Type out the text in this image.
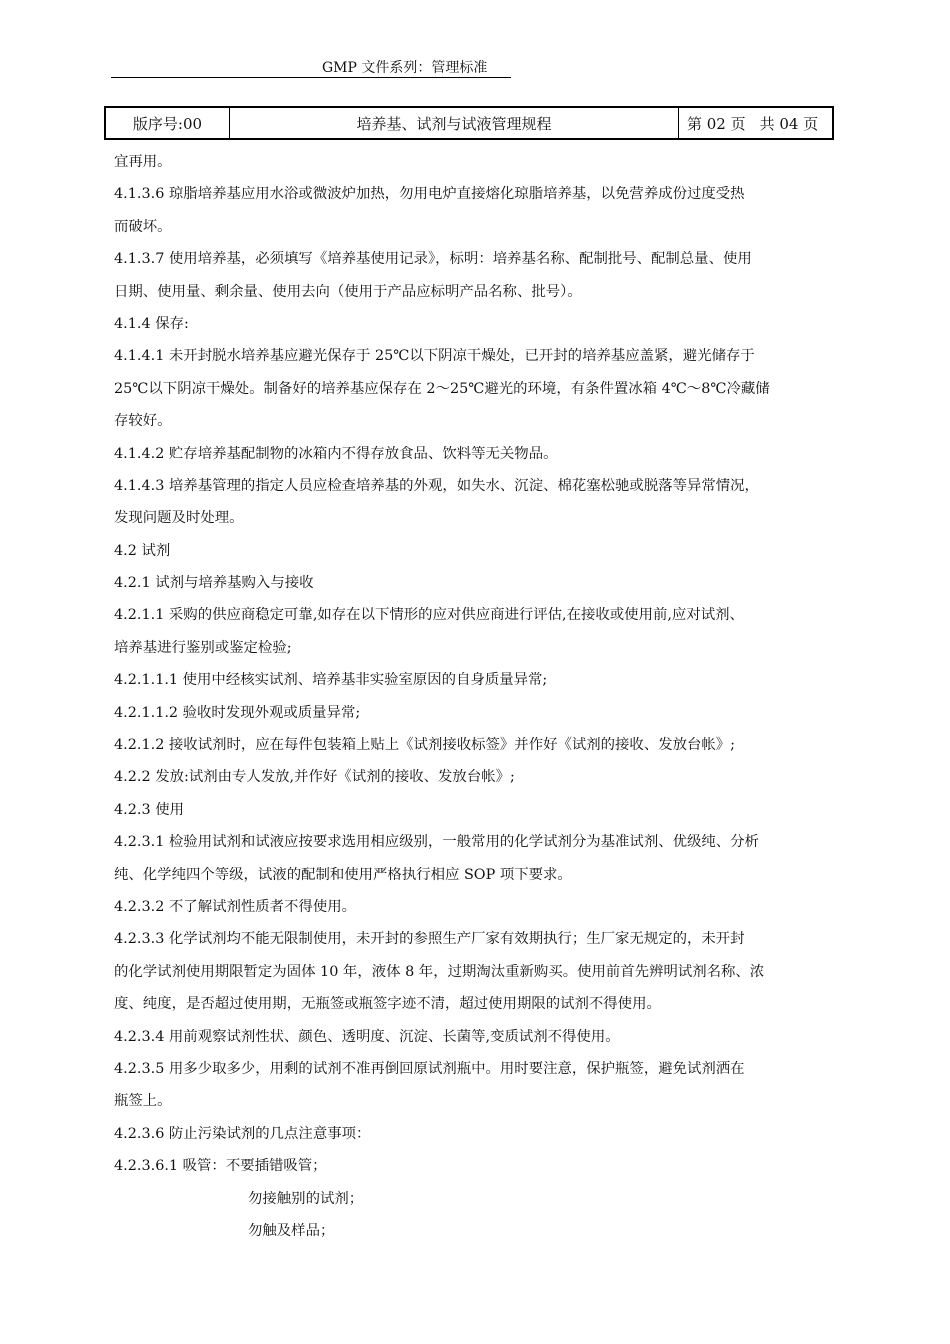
GMP 文件系列：管理标准
版序号:00	培养基、试剂与试液管理规程	第 02 页 共 04 页
宜再用。
4.1.3.6 琼脂培养基应用水浴或微波炉加热，勿用电炉直接熔化琼脂培养基，以免营养成份过度受热
而破坏。
4.1.3.7 使用培养基，必须填写《培养基使用记录》，标明：培养基名称、配制批号、配制总量、使用
日期、使用量、剩余量、使用去向（使用于产品应标明产品名称、批号）。
4.1.4 保存:
4.1.4.1 未开封脱水培养基应避光保存于 25℃以下阴凉干燥处，已开封的培养基应盖紧，避光储存于
25℃以下阴凉干燥处。制备好的培养基应保存在 2～25℃避光的环境，有条件置冰箱 4℃～8℃冷藏储
存较好。
4.1.4.2 贮存培养基配制物的冰箱内不得存放食品、饮料等无关物品。
4.1.4.3 培养基管理的指定人员应检查培养基的外观，如失水、沉淀、棉花塞松驰或脱落等异常情况，
发现问题及时处理。
4.2 试剂
4.2.1 试剂与培养基购入与接收
4.2.1.1 采购的供应商稳定可靠,如存在以下情形的应对供应商进行评估,在接收或使用前,应对试剂、
培养基进行鉴别或鉴定检验;
4.2.1.1.1 使用中经核实试剂、培养基非实验室原因的自身质量异常;
4.2.1.1.2 验收时发现外观或质量异常;
4.2.1.2 接收试剂时，应在每件包装箱上贴上《试剂接收标签》并作好《试剂的接收、发放台帐》;
4.2.2 发放:试剂由专人发放,并作好《试剂的接收、发放台帐》;
4.2.3 使用
4.2.3.1 检验用试剂和试液应按要求选用相应级别，一般常用的化学试剂分为基准试剂、优级纯、分析
纯、化学纯四个等级，试液的配制和使用严格执行相应 SOP 项下要求。
4.2.3.2 不了解试剂性质者不得使用。
4.2.3.3 化学试剂均不能无限制使用，未开封的参照生产厂家有效期执行；生厂家无规定的，未开封
的化学试剂使用期限暂定为固体 10 年，液体 8 年，过期淘汰重新购买。使用前首先辨明试剂名称、浓
度、纯度，是否超过使用期，无瓶签或瓶签字迹不清，超过使用期限的试剂不得使用。
4.2.3.4 用前观察试剂性状、颜色、透明度、沉淀、长菌等,变质试剂不得使用。
4.2.3.5 用多少取多少，用剩的试剂不准再倒回原试剂瓶中。用时要注意，保护瓶签，避免试剂洒在
瓶签上。
4.2.3.6 防止污染试剂的几点注意事项：
4.2.3.6.1 吸管：不要插错吸管；
勿接触别的试剂；
勿触及样品；
